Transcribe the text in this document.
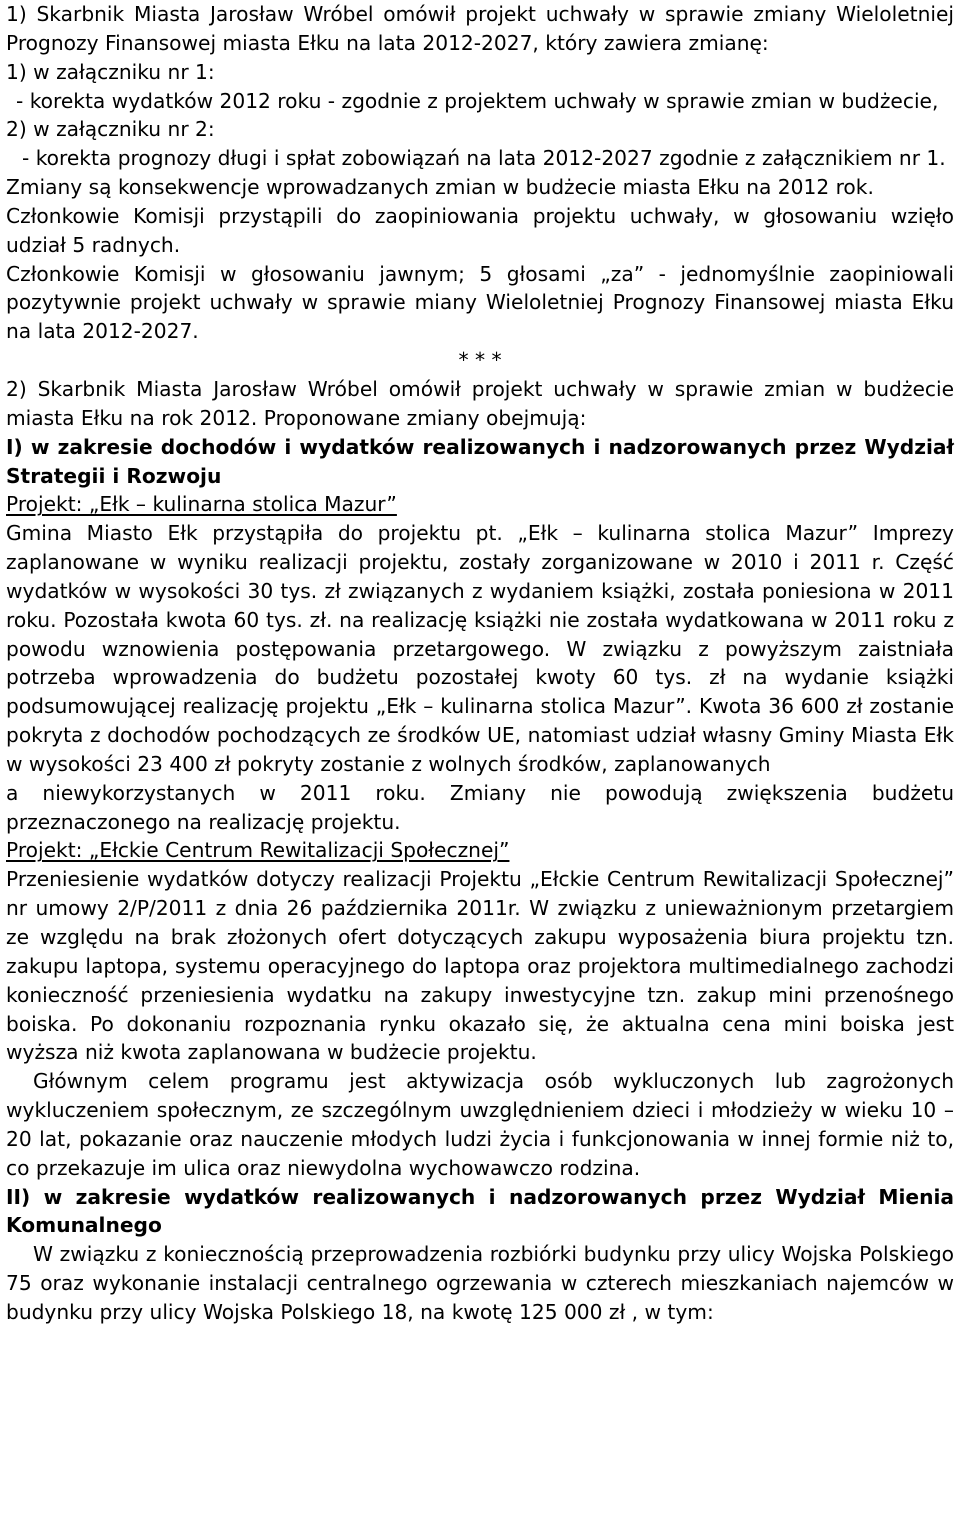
1) Skarbnik Miasta Jarosław Wróbel omówił projekt uchwały w sprawie zmiany Wieloletniej Prognozy Finansowej miasta Ełku na lata 2012-2027, który zawiera zmianę:

1) w załączniku nr 1:

- korekta wydatków 2012 roku - zgodnie z projektem uchwały w sprawie zmian w budżecie,

2) w załączniku nr 2:

- korekta prognozy długi i spłat zobowiązań na lata 2012-2027 zgodnie z załącznikiem nr 1.

Zmiany są konsekwencje wprowadzanych zmian w budżecie miasta Ełku na 2012 rok.

Członkowie Komisji przystąpili do zaopiniowania projektu uchwały, w głosowaniu wzięło udział 5 radnych.

Członkowie Komisji w głosowaniu jawnym; 5 głosami „za” - jednomyślnie zaopiniowali pozytywnie projekt uchwały w sprawie miany Wieloletniej Prognozy Finansowej miasta Ełku na lata 2012-2027.

* * *

2) Skarbnik Miasta Jarosław Wróbel omówił projekt uchwały w sprawie zmian w budżecie miasta Ełku na rok 2012. Proponowane zmiany obejmują:

I) w zakresie dochodów i wydatków realizowanych i nadzorowanych przez Wydział Strategii i Rozwoju

Projekt: „Ełk – kulinarna stolica Mazur”

Gmina Miasto Ełk przystąpiła do projektu pt. „Ełk – kulinarna stolica Mazur” Imprezy zaplanowane w wyniku realizacji projektu, zostały zorganizowane w 2010 i 2011 r. Część wydatków w wysokości 30 tys. zł związanych z wydaniem książki, została poniesiona w 2011 roku. Pozostała kwota 60 tys. zł. na realizację książki nie została wydatkowana w 2011 roku z powodu wznowienia postępowania przetargowego. W związku z powyższym zaistniała potrzeba wprowadzenia do budżetu pozostałej kwoty 60 tys. zł na wydanie książki podsumowującej realizację projektu „Ełk – kulinarna stolica Mazur”. Kwota 36 600 zł zostanie pokryta z dochodów pochodzących ze środków UE, natomiast udział własny Gminy Miasta Ełk w wysokości 23 400 zł pokryty zostanie z wolnych środków, zaplanowanych

a niewykorzystanych w 2011 roku. Zmiany nie powodują zwiększenia budżetu przeznaczonego na realizację projektu.

Projekt: „Ełckie Centrum Rewitalizacji Społecznej”

Przeniesienie wydatków dotyczy realizacji Projektu „Ełckie Centrum Rewitalizacji Społecznej” nr umowy 2/P/2011 z dnia 26 października 2011r. W związku z unieważnionym przetargiem ze względu na brak złożonych ofert dotyczących zakupu wyposażenia biura projektu tzn. zakupu laptopa, systemu operacyjnego do laptopa oraz projektora multimedialnego zachodzi konieczność przeniesienia wydatku na zakupy inwestycyjne tzn. zakup mini przenośnego boiska. Po dokonaniu rozpoznania rynku okazało się, że aktualna cena mini boiska jest wyższa niż kwota zaplanowana w budżecie projektu.

Głównym celem programu jest aktywizacja osób wykluczonych lub zagrożonych wykluczeniem społecznym, ze szczególnym uwzględnieniem dzieci i młodzieży w wieku 10 – 20 lat, pokazanie oraz nauczenie młodych ludzi życia i funkcjonowania w innej formie niż to, co przekazuje im ulica oraz niewydolna wychowawczo rodzina.

II) w zakresie wydatków realizowanych i nadzorowanych przez Wydział Mienia Komunalnego

W związku z koniecznością przeprowadzenia rozbiórki budynku przy ulicy Wojska Polskiego 75 oraz wykonanie instalacji centralnego ogrzewania w czterech mieszkaniach najemców w budynku przy ulicy Wojska Polskiego 18, na kwotę 125 000 zł , w tym:
